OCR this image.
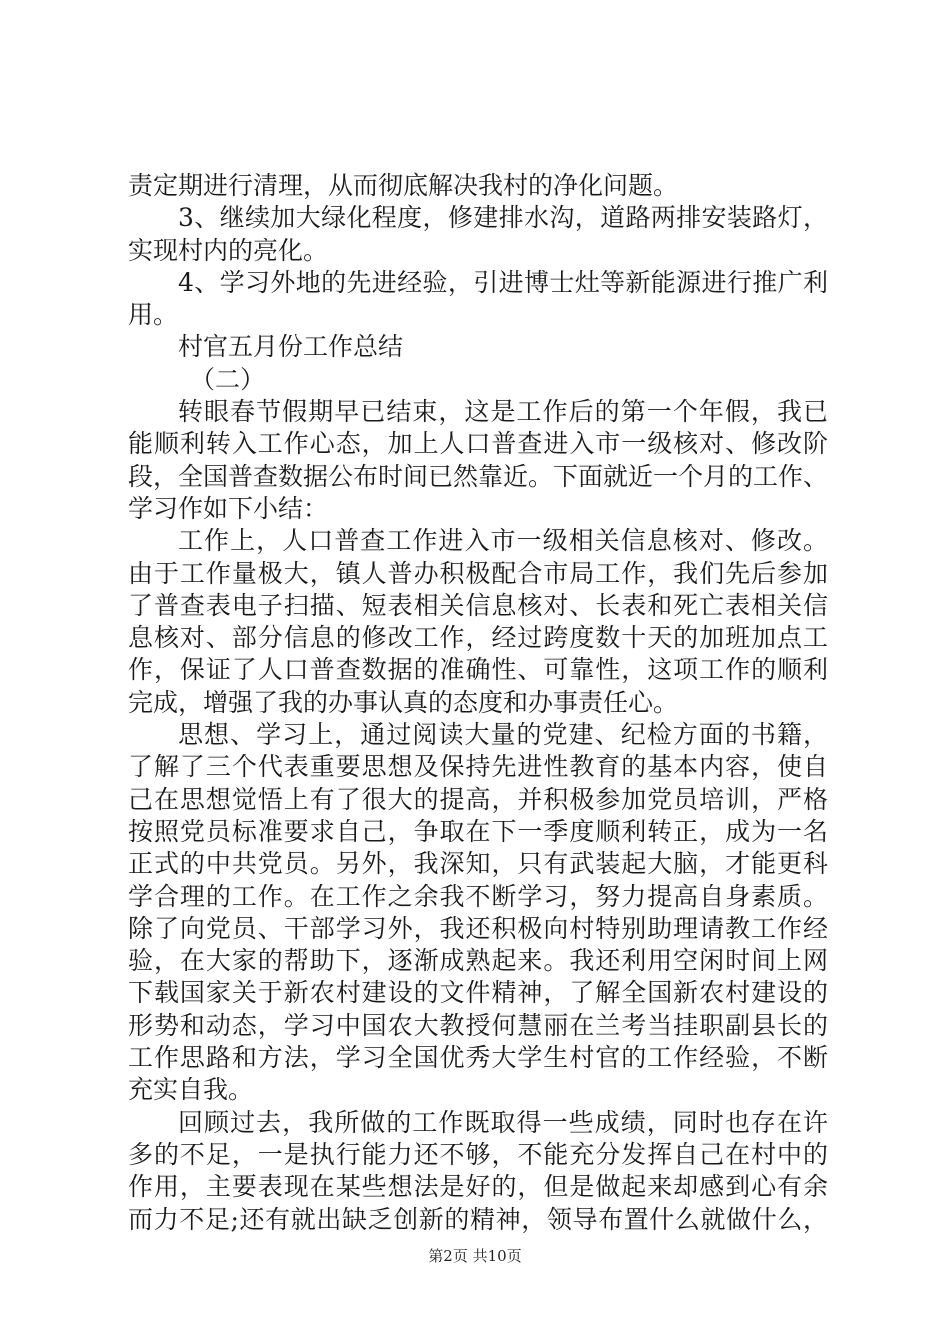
责定期进行清理，从而彻底解决我村的净化问题。
3、继续加大绿化程度，修建排水沟，道路两排安装路灯，
实现村内的亮化。
4、学习外地的先进经验，引进博士灶等新能源进行推广利
用。
村官五月份工作总结
（二）
转眼春节假期早已结束，这是工作后的第一个年假，我已
能顺利转入工作心态，加上人口普查进入市一级核对、修改阶
段，全国普查数据公布时间已然靠近。下面就近一个月的工作、
学习作如下小结：
工作上，人口普查工作进入市一级相关信息核对、修改。
由于工作量极大，镇人普办积极配合市局工作，我们先后参加
了普查表电子扫描、短表相关信息核对、长表和死亡表相关信
息核对、部分信息的修改工作，经过跨度数十天的加班加点工
作，保证了人口普查数据的准确性、可靠性，这项工作的顺利
完成，增强了我的办事认真的态度和办事责任心。
思想、学习上，通过阅读大量的党建、纪检方面的书籍，
了解了三个代表重要思想及保持先进性教育的基本内容，使自
己在思想觉悟上有了很大的提高，并积极参加党员培训，严格
按照党员标准要求自己，争取在下一季度顺利转正，成为一名
正式的中共党员。另外，我深知，只有武装起大脑，才能更科
学合理的工作。在工作之余我不断学习，努力提高自身素质。
除了向党员、干部学习外，我还积极向村特别助理请教工作经
验，在大家的帮助下，逐渐成熟起来。我还利用空闲时间上网
下载国家关于新农村建设的文件精神，了解全国新农村建设的
形势和动态，学习中国农大教授何慧丽在兰考当挂职副县长的
工作思路和方法，学习全国优秀大学生村官的工作经验，不断
充实自我。
回顾过去，我所做的工作既取得一些成绩，同时也存在许
多的不足，一是执行能力还不够，不能充分发挥自己在村中的
作用，主要表现在某些想法是好的，但是做起来却感到心有余
而力不足;还有就出缺乏创新的精神，领导布置什么就做什么，
第2页 共10页
